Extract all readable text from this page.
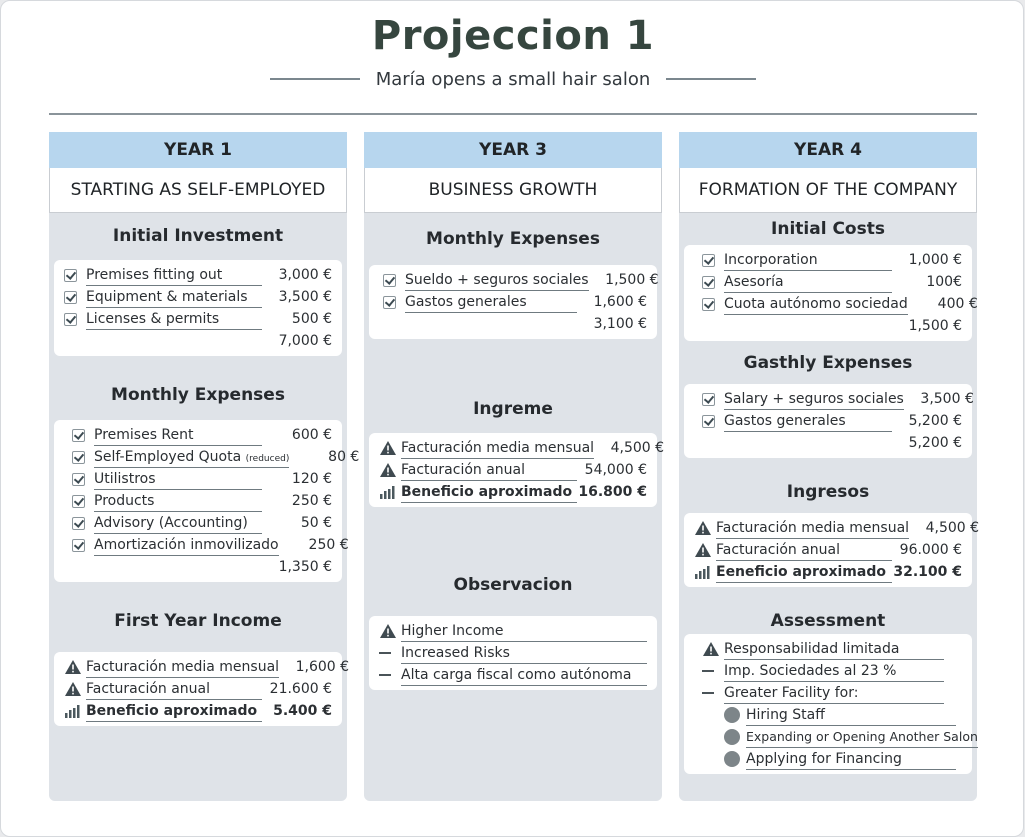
Projeccion 1
María opens a small hair salon
YEAR 1
STARTING AS SELF-EMPLOYED
Initial Investment
Premises fitting out	3,000 €
Equipment & materials	3,500 €
Licenses & permits	500 €
7,000 €
Monthly Expenses
Premises Rent	600 €
Self-Employed Quota (reduced)	80 €
Utilistros	120 €
Products	250 €
Advisory (Accounting)	50 €
Amortización inmovilizado	250 €
1,350 €
First Year Income
Facturación media mensual	1,600 €
Facturación anual	21.600 €
Beneficio aproximado	5.400 €
YEAR 3
BUSINESS GROWTH
Monthly Expenses
Sueldo + seguros sociales	1,500 €
Gastos generales	1,600 €
3,100 €
Ingreme
Facturación media mensual	4,500 €
Facturación anual	54,000 €
Beneficio aproximado 16.800 €
Observacion
Higher Income
Increased Risks
Alta carga fiscal como autónoma
YEAR 4
FORMATION OF THE COMPANY
Initial Costs
Incorporation	1,000 €
Asesoría	100€
Cuota autónomo sociedad	400 €
1,500 €
Gasthly Expenses
Salary + seguros sociales	3,500 €
Gastos generales	5,200 €
5,200 €
Ingresos
Facturación media mensual	4,500 €
Facturación anual	96.000 €
Eeneficio aproximado 32.100 €
Assessment
Responsabilidad limitada
Imp. Sociedades al 23 %
Greater Facility for:
Hiring Staff
Expanding or Opening Another Salon
Applying for Financing
